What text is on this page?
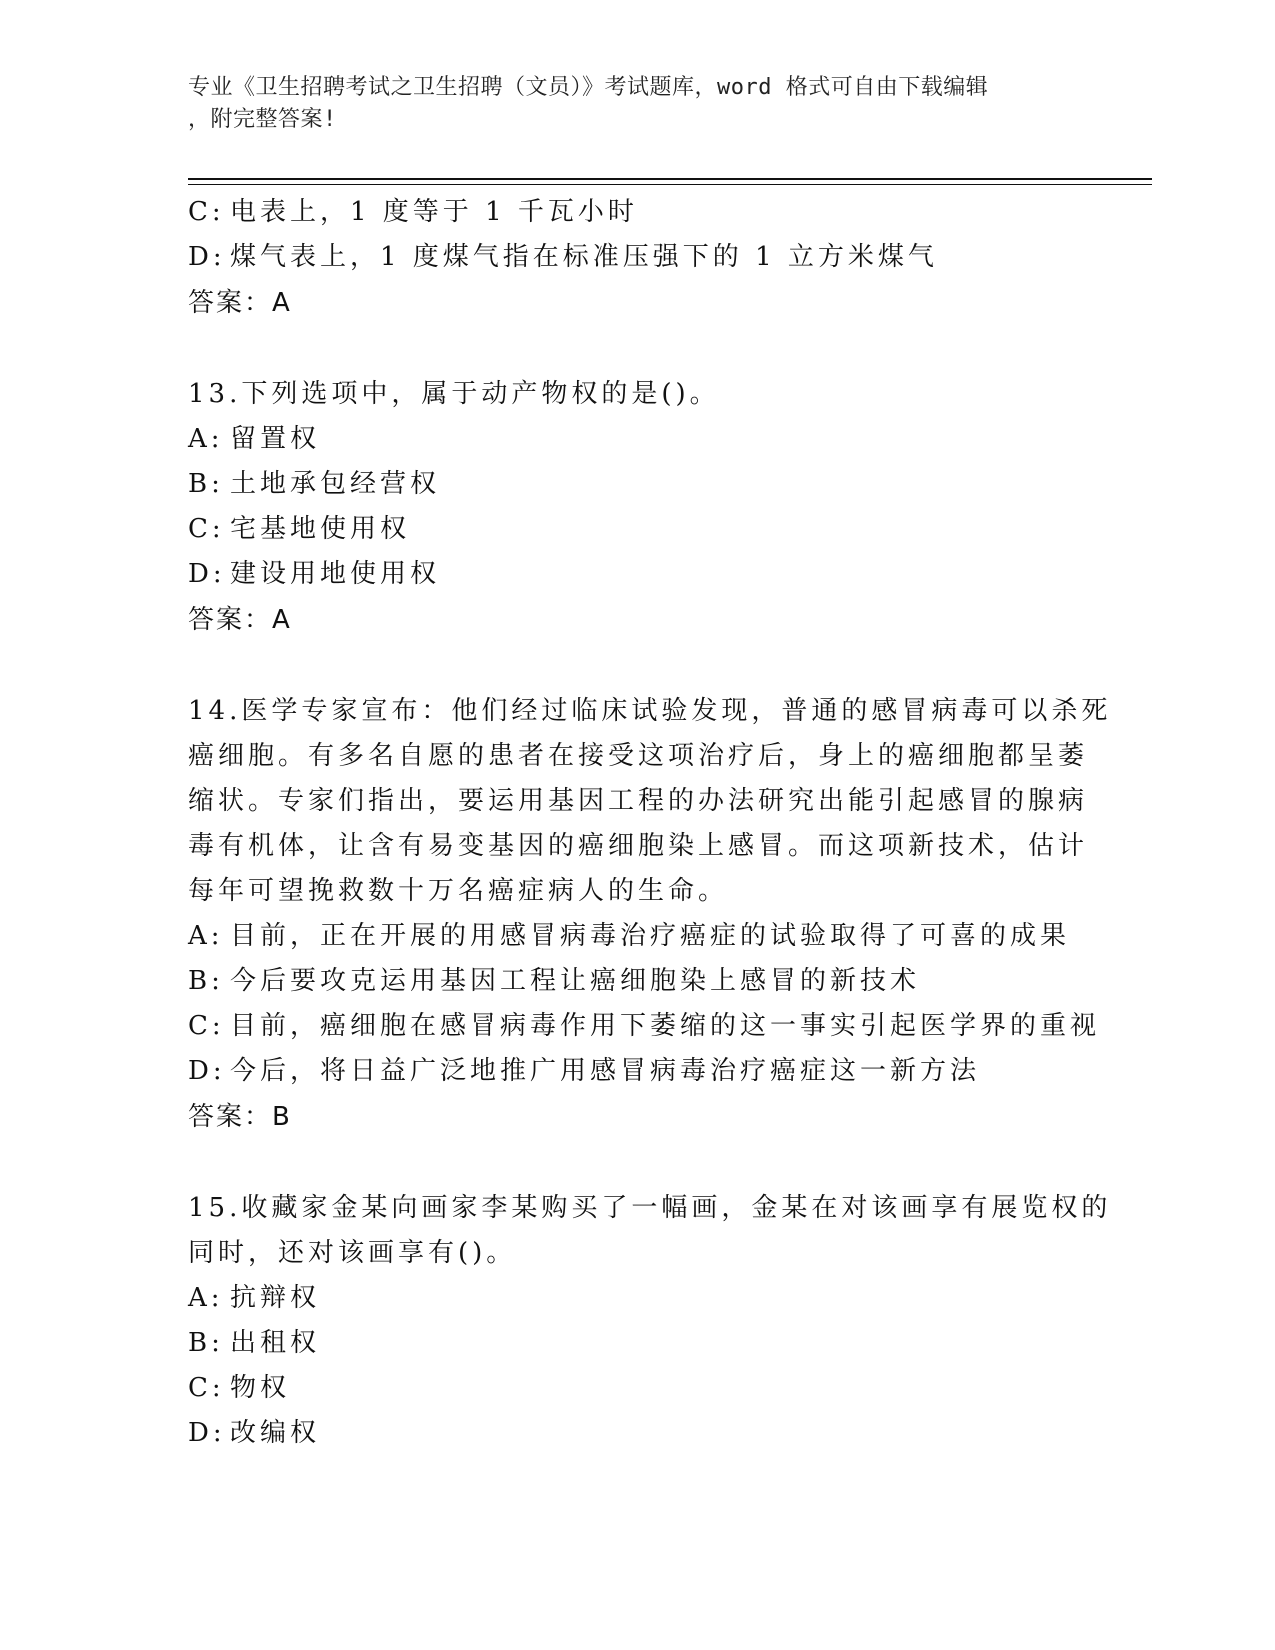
专业《卫生招聘考试之卫生招聘（文员）》考试题库，word 格式可自由下载编辑
，附完整答案!
C: 电表上，1 度等于 1 千瓦小时
D: 煤气表上，1 度煤气指在标准压强下的 1 立方米煤气
答案：A
13.下列选项中，属于动产物权的是()。
A: 留置权
B: 土地承包经营权
C: 宅基地使用权
D: 建设用地使用权
答案：A
14.医学专家宣布：他们经过临床试验发现，普通的感冒病毒可以杀死
癌细胞。有多名自愿的患者在接受这项治疗后，身上的癌细胞都呈萎
缩状。专家们指出，要运用基因工程的办法研究出能引起感冒的腺病
毒有机体，让含有易变基因的癌细胞染上感冒。而这项新技术，估计
每年可望挽救数十万名癌症病人的生命。
A: 目前，正在开展的用感冒病毒治疗癌症的试验取得了可喜的成果
B: 今后要攻克运用基因工程让癌细胞染上感冒的新技术
C: 目前，癌细胞在感冒病毒作用下萎缩的这一事实引起医学界的重视
D: 今后，将日益广泛地推广用感冒病毒治疗癌症这一新方法
答案：B
15.收藏家金某向画家李某购买了一幅画，金某在对该画享有展览权的
同时，还对该画享有()。
A: 抗辩权
B: 出租权
C: 物权
D: 改编权
